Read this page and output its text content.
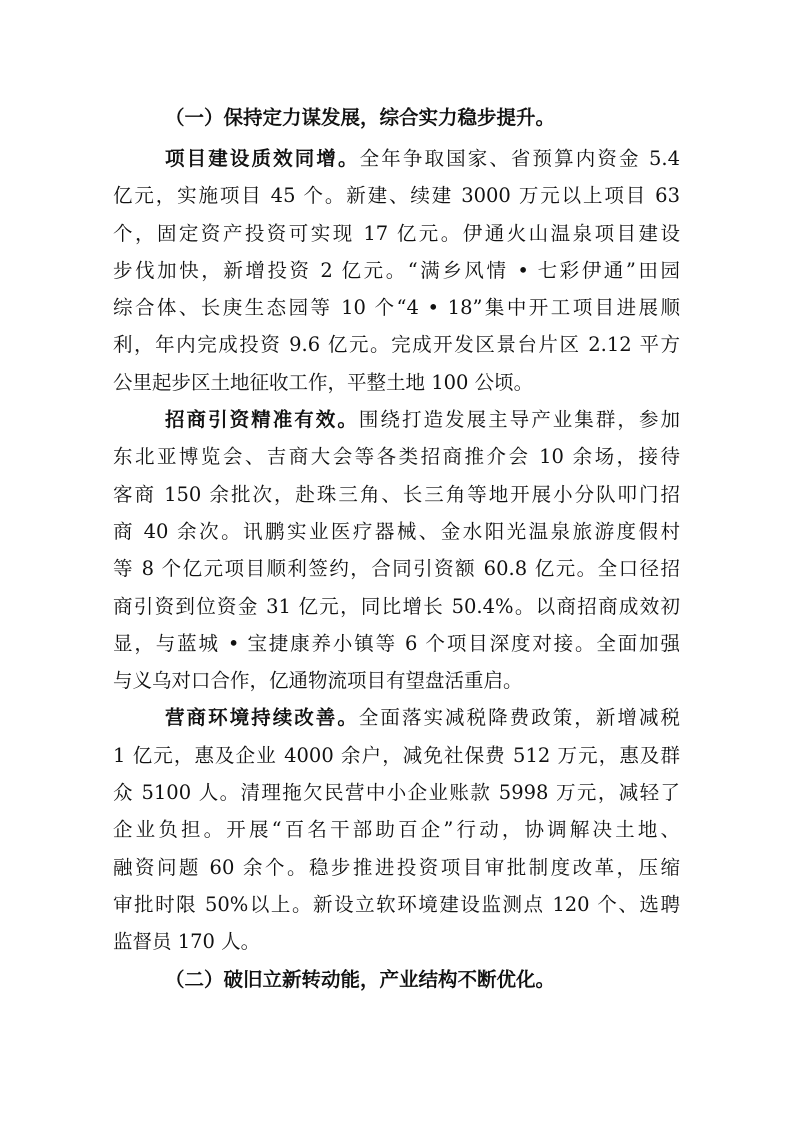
（一）保持定力谋发展，综合实力稳步提升。
项目建设质效同增。全年争取国家、省预算内资金 5.4
亿元，实施项目 45 个。新建、续建 3000 万元以上项目 63
个，固定资产投资可实现 17 亿元。伊通火山温泉项目建设
步伐加快，新增投资 2 亿元。“满乡风情 • 七彩伊通”田园
综合体、长庚生态园等 10 个“4 • 18”集中开工项目进展顺
利，年内完成投资 9.6 亿元。完成开发区景台片区 2.12 平方
公里起步区土地征收工作，平整土地 100 公顷。
招商引资精准有效。围绕打造发展主导产业集群，参加
东北亚博览会、吉商大会等各类招商推介会 10 余场，接待
客商 150 余批次，赴珠三角、长三角等地开展小分队叩门招
商 40 余次。讯鹏实业医疗器械、金水阳光温泉旅游度假村
等 8 个亿元项目顺利签约，合同引资额 60.8 亿元。全口径招
商引资到位资金 31 亿元，同比增长 50.4%。以商招商成效初
显，与蓝城 • 宝捷康养小镇等 6 个项目深度对接。全面加强
与义乌对口合作，亿通物流项目有望盘活重启。
营商环境持续改善。全面落实减税降费政策，新增减税
1 亿元，惠及企业 4000 余户，减免社保费 512 万元，惠及群
众 5100 人。清理拖欠民营中小企业账款 5998 万元，减轻了
企业负担。开展“百名干部助百企”行动，协调解决土地、
融资问题 60 余个。稳步推进投资项目审批制度改革，压缩
审批时限 50%以上。新设立软环境建设监测点 120 个、选聘
监督员 170 人。
（二）破旧立新转动能，产业结构不断优化。
